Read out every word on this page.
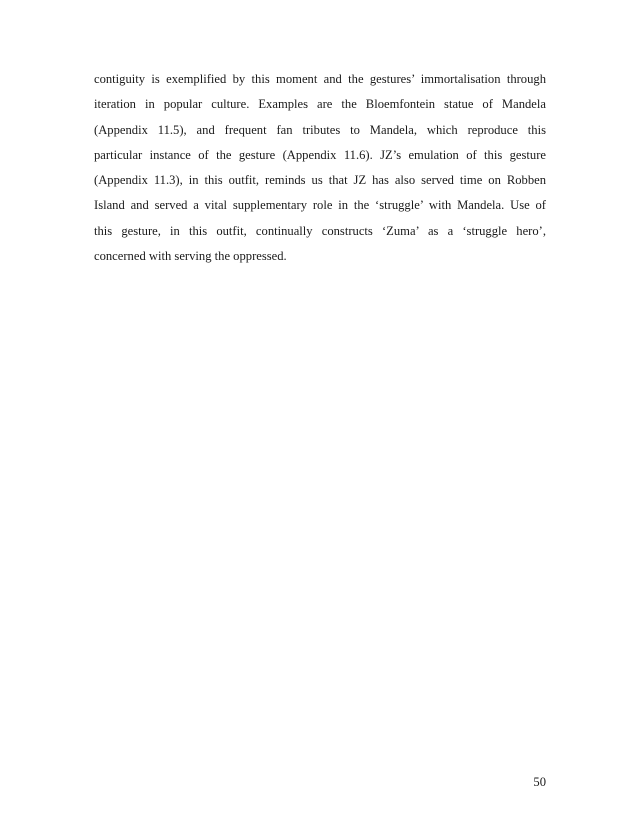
contiguity is exemplified by this moment and the gestures’ immortalisation through
iteration in popular culture. Examples are the Bloemfontein statue of Mandela
(Appendix 11.5), and frequent fan tributes to Mandela, which reproduce this
particular instance of the gesture (Appendix 11.6). JZ’s emulation of this gesture
(Appendix 11.3), in this outfit, reminds us that JZ has also served time on Robben
Island and served a vital supplementary role in the ‘struggle’ with Mandela. Use of
this gesture, in this outfit, continually constructs ‘Zuma’ as a ‘struggle hero’,
concerned with serving the oppressed.

50
